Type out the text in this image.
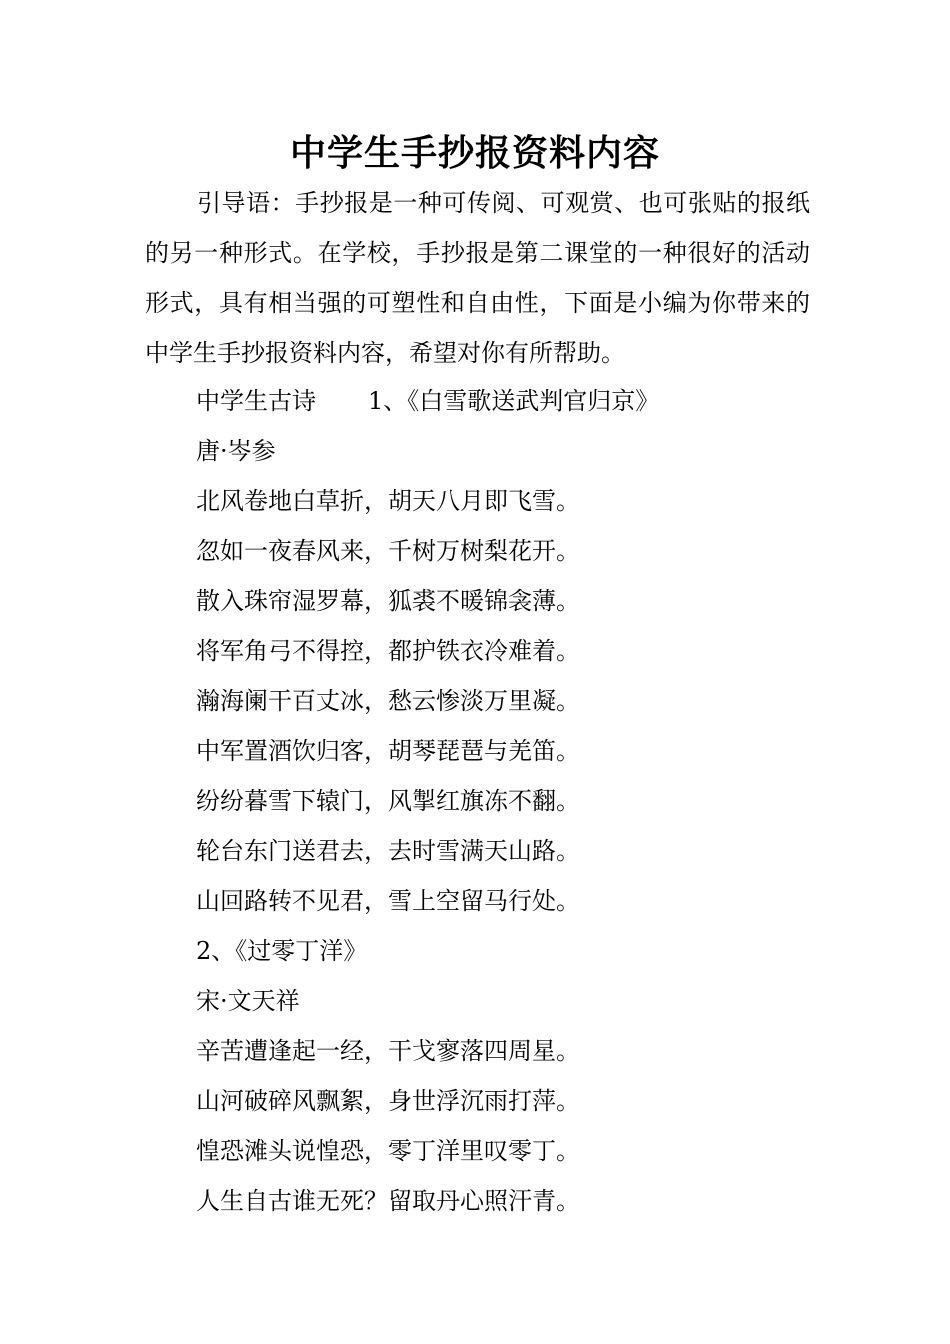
中学生手抄报资料内容

引导语：手抄报是一种可传阅、可观赏、也可张贴的报纸的另一种形式。在学校，手抄报是第二课堂的一种很好的活动形式，具有相当强的可塑性和自由性，下面是小编为你带来的中学生手抄报资料内容，希望对你有所帮助。

中学生古诗 1、《白雪歌送武判官归京》
唐·岑参
北风卷地白草折，胡天八月即飞雪。
忽如一夜春风来，千树万树梨花开。
散入珠帘湿罗幕，狐裘不暖锦衾薄。
将军角弓不得控，都护铁衣冷难着。
瀚海阑干百丈冰，愁云惨淡万里凝。
中军置酒饮归客，胡琴琵琶与羌笛。
纷纷暮雪下辕门，风掣红旗冻不翻。
轮台东门送君去，去时雪满天山路。
山回路转不见君，雪上空留马行处。
2、《过零丁洋》
宋·文天祥
辛苦遭逢起一经，干戈寥落四周星。
山河破碎风飘絮，身世浮沉雨打萍。
惶恐滩头说惶恐，零丁洋里叹零丁。
人生自古谁无死？留取丹心照汗青。
